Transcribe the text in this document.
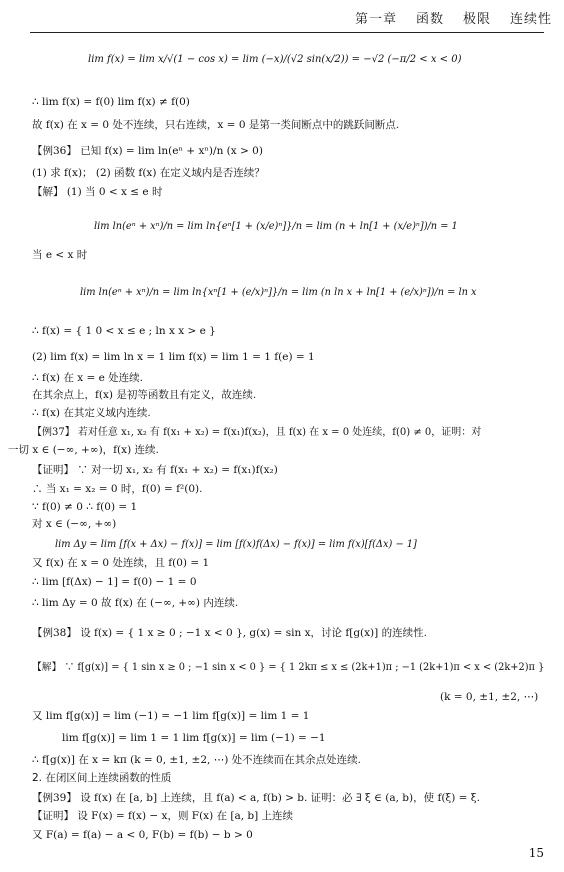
第一章 函数 极限 连续性
lim f(x) = lim x/√(1 − cos x) = lim (−x)/(√2 sin(x/2)) = −√2 (−π/2 < x < 0)
∴ lim f(x) = f(0) lim f(x) ≠ f(0)
故 f(x) 在 x = 0 处不连续，只右连续，x = 0 是第一类间断点中的跳跃间断点.
【例36】 已知 f(x) = lim ln(eⁿ + xⁿ)/n (x > 0)
(1) 求 f(x)； (2) 函数 f(x) 在定义域内是否连续？
【解】 (1) 当 0 < x ≤ e 时
lim ln(eⁿ + xⁿ)/n = lim ln{eⁿ[1 + (x/e)ⁿ]}/n = lim (n + ln[1 + (x/e)ⁿ])/n = 1
当 e < x 时
lim ln(eⁿ + xⁿ)/n = lim ln{xⁿ[1 + (e/x)ⁿ]}/n = lim (n ln x + ln[1 + (e/x)ⁿ])/n = ln x
∴ f(x) = { 1 0 < x ≤ e ; ln x x > e }
(2) lim f(x) = lim ln x = 1 lim f(x) = lim 1 = 1 f(e) = 1
∴ f(x) 在 x = e 处连续.
在其余点上，f(x) 是初等函数且有定义，故连续.
∴ f(x) 在其定义域内连续.
【例37】 若对任意 x₁, x₂ 有 f(x₁ + x₂) = f(x₁)f(x₂)，且 f(x) 在 x = 0 处连续，f(0) ≠ 0，证明：对
一切 x ∈ (−∞, +∞)，f(x) 连续.
【证明】 ∵ 对一切 x₁, x₂ 有 f(x₁ + x₂) = f(x₁)f(x₂)
∴ 当 x₁ = x₂ = 0 时，f(0) = f²(0).
∵ f(0) ≠ 0 ∴ f(0) = 1
对 x ∈ (−∞, +∞)
lim Δy = lim [f(x + Δx) − f(x)] = lim [f(x)f(Δx) − f(x)] = lim f(x)[f(Δx) − 1]
又 f(x) 在 x = 0 处连续，且 f(0) = 1
∴ lim [f(Δx) − 1] = f(0) − 1 = 0
∴ lim Δy = 0 故 f(x) 在 (−∞, +∞) 内连续.
【例38】 设 f(x) = { 1 x ≥ 0 ; −1 x < 0 }, g(x) = sin x，讨论 f[g(x)] 的连续性.
【解】 ∵ f[g(x)] = { 1 sin x ≥ 0 ; −1 sin x < 0 } = { 1 2kπ ≤ x ≤ (2k+1)π ; −1 (2k+1)π < x < (2k+2)π }
(k = 0, ±1, ±2, ⋯)
又 lim f[g(x)] = lim (−1) = −1 lim f[g(x)] = lim 1 = 1
lim f[g(x)] = lim 1 = 1 lim f[g(x)] = lim (−1) = −1
∴ f[g(x)] 在 x = kπ (k = 0, ±1, ±2, ⋯) 处不连续而在其余点处连续.
2. 在闭区间上连续函数的性质
【例39】 设 f(x) 在 [a, b] 上连续，且 f(a) < a, f(b) > b. 证明：必 ∃ ξ ∈ (a, b)，使 f(ξ) = ξ.
【证明】 设 F(x) = f(x) − x，则 F(x) 在 [a, b] 上连续
又 F(a) = f(a) − a < 0, F(b) = f(b) − b > 0
15
